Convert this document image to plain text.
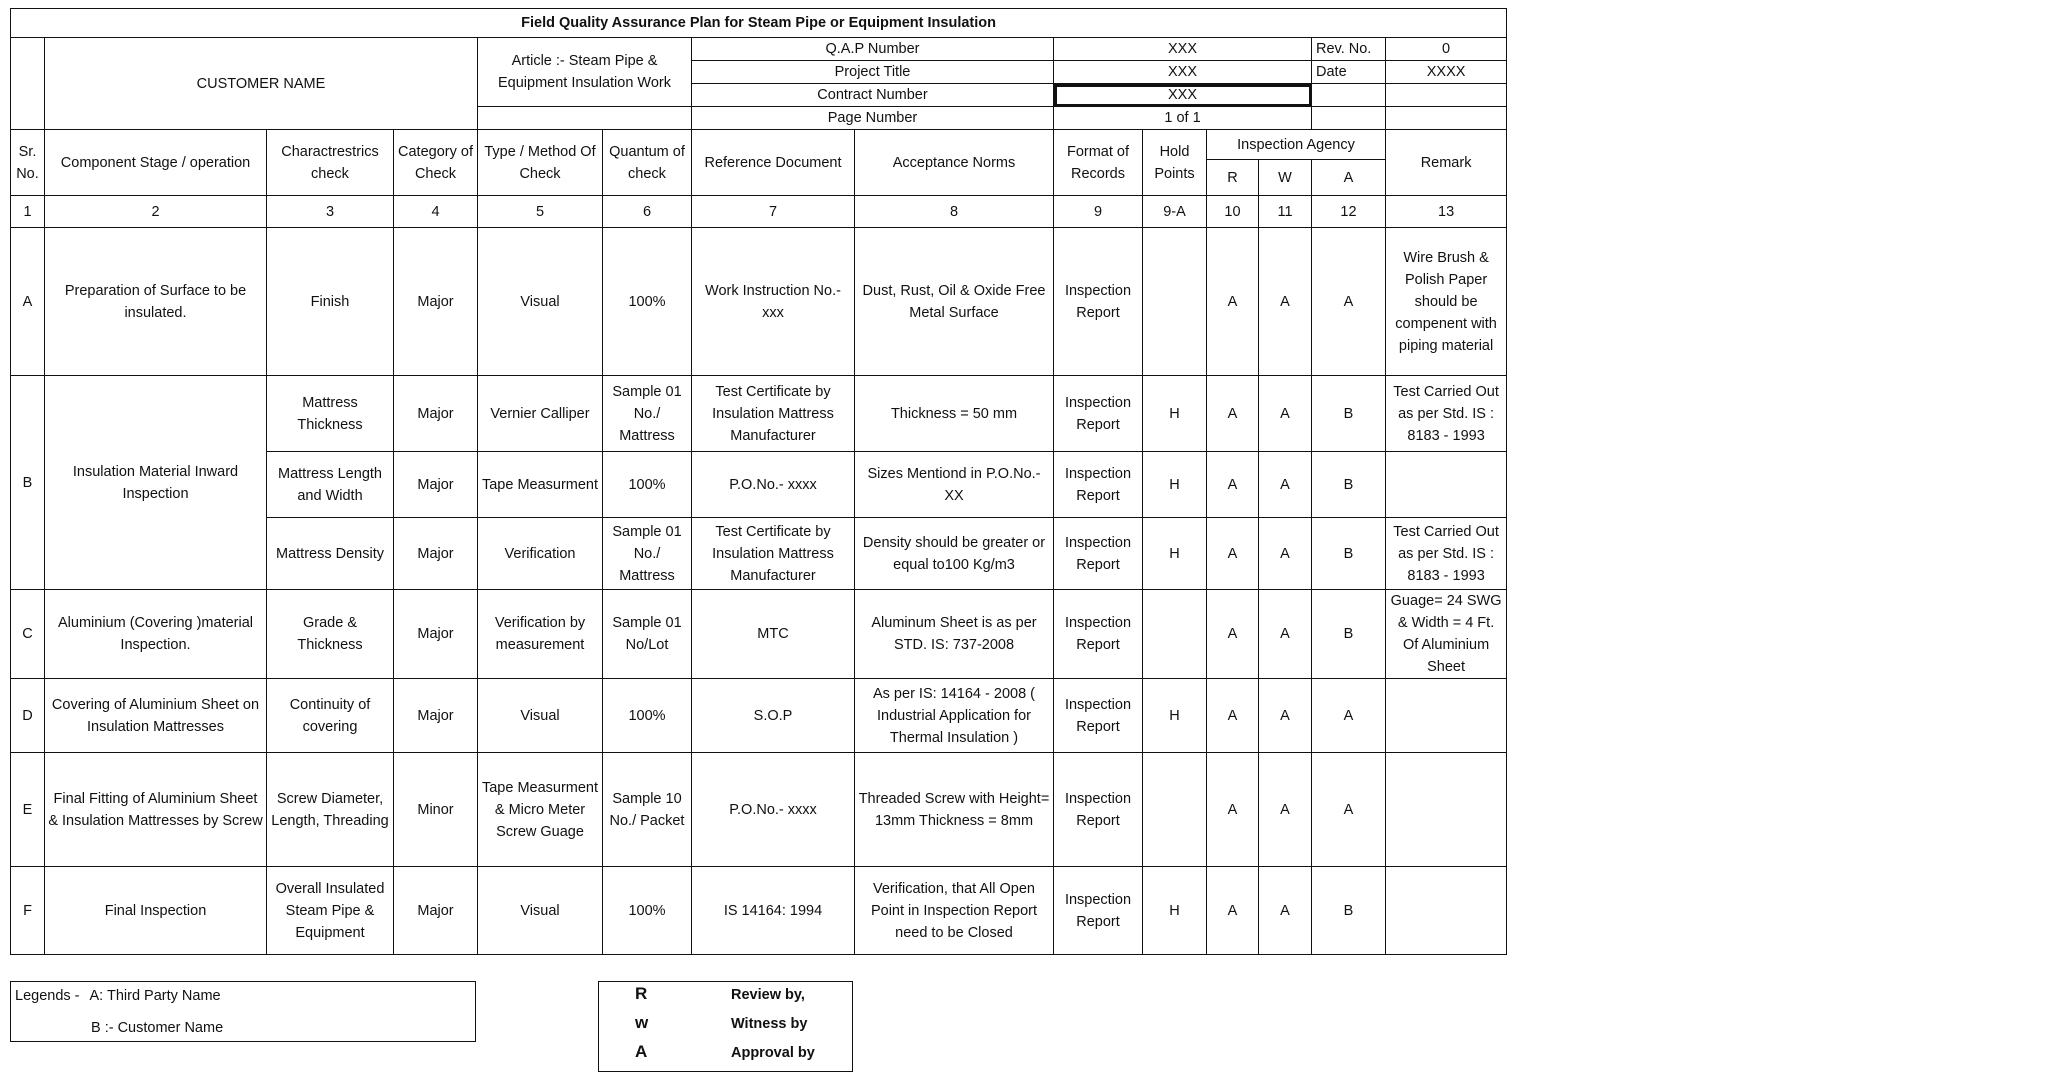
Field Quality Assurance Plan for Steam Pipe or Equipment Insulation													
	CUSTOMER NAME			Article :- Steam Pipe & Equipment Insulation Work		Q.A.P Number		XXX				Rev. No.	0
						Project Title		XXX				Date	XXXX
						Contract Number		XXX					
						Page Number		1 of 1					
Sr. No.	Component Stage / operation	Charactrestrics check	Category of Check	Type / Method Of Check	Quantum of check	Reference Document	Acceptance Norms	Format of Records	Hold Points	Inspection Agency			Remark
										R	W	A	
1	2	3	4	5	6	7	8	9	9-A	10	11	12	13
A	Preparation of Surface to be insulated.	Finish	Major	Visual	100%	Work Instruction No.- xxx	Dust, Rust, Oil & Oxide Free Metal Surface	Inspection Report		A	A	A	Wire Brush & Polish Paper should be compenent with piping material
B	Insulation Material Inward Inspection	Mattress Thickness	Major	Vernier Calliper	Sample 01 No./ Mattress	Test Certificate by Insulation Mattress Manufacturer	Thickness = 50 mm	Inspection Report	H	A	A	B	Test Carried Out as per Std. IS : 8183 - 1993
		Mattress Length and Width	Major	Tape Measurment	100%	P.O.No.- xxxx	Sizes Mentiond in P.O.No.- XX	Inspection Report	H	A	A	B	
		Mattress Density	Major	Verification	Sample 01 No./ Mattress	Test Certificate by Insulation Mattress Manufacturer	Density should be greater or equal to100 Kg/m3	Inspection Report	H	A	A	B	Test Carried Out as per Std. IS : 8183 - 1993
C	Aluminium (Covering )material Inspection.	Grade & Thickness	Major	Verification by measurement	Sample 01 No/Lot	MTC	Aluminum Sheet is as per STD. IS: 737-2008	Inspection Report		A	A	B	Guage= 24 SWG & Width = 4 Ft. Of Aluminium Sheet
D	Covering of Aluminium Sheet on Insulation Mattresses	Continuity of covering	Major	Visual	100%	S.O.P	As per IS: 14164 - 2008 ( Industrial Application for Thermal Insulation )	Inspection Report	H	A	A	A	
E	Final Fitting of Aluminium Sheet & Insulation Mattresses by Screw	Screw Diameter, Length, Threading	Minor	Tape Measurment & Micro Meter Screw Guage	Sample 10 No./ Packet	P.O.No.- xxxx	Threaded Screw with Height= 13mm Thickness = 8mm	Inspection Report		A	A	A	
F	Final Inspection	Overall Insulated Steam Pipe & Equipment	Major	Visual	100%	IS 14164: 1994	Verification, that All Open Point in Inspection Report need to be Closed	Inspection Report	H	A	A	B	
Legends - A: Third Party Name
B :- Customer Name
R	Review by,
w	Witness by
A	Approval by
